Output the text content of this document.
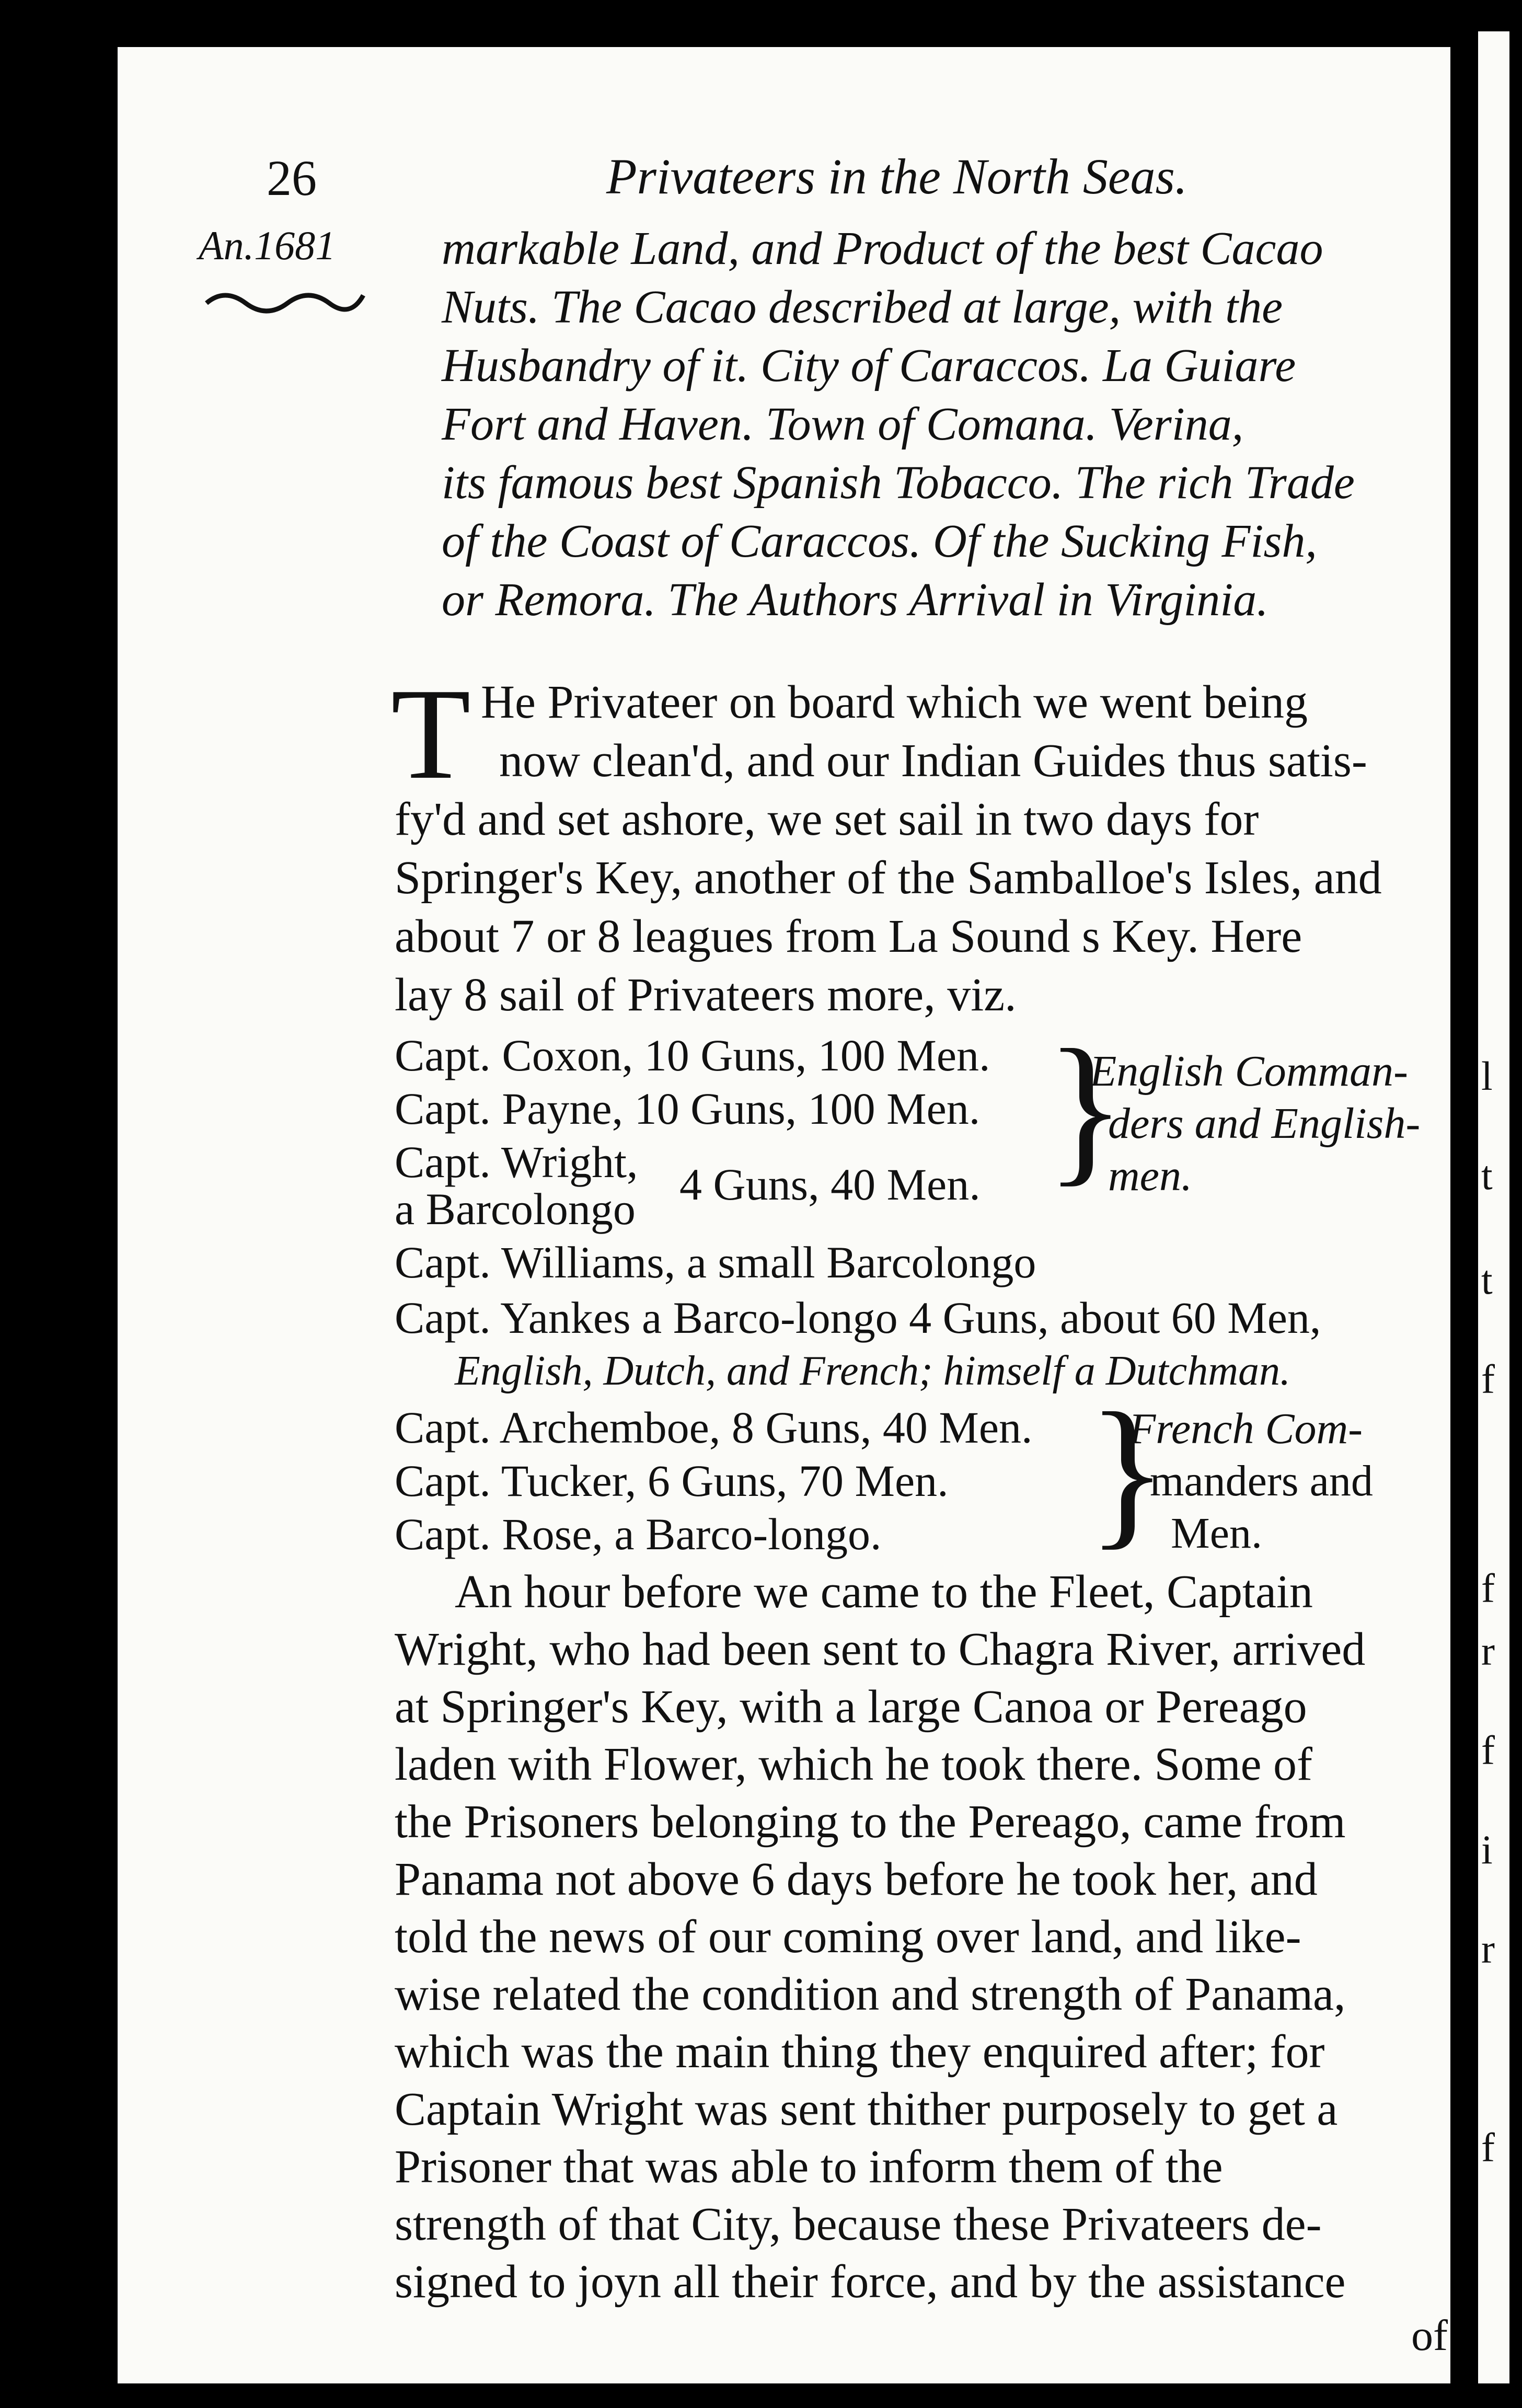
l
t
t
f
f
r
f
i
r
f
26	Privateers in the North Seas.
An.1681 markable Land, and Product of the best Cacao
Nuts. The Cacao described at large, with the
Husbandry of it. City of Caraccos. La Guiare
Fort and Haven. Town of Comana. Verina,
its famous best Spanish Tobacco. The rich Trade
of the Coast of Caraccos. Of the Sucking Fish,
or Remora. The Authors Arrival in Virginia.
T He Privateer on board which we went being
now clean'd, and our Indian Guides thus satis-
fy'd and set ashore, we set sail in two days for
Springer's Key, another of the Samballoe's Isles, and
about 7 or 8 leagues from La Sound s Key. Here
lay 8 sail of Privateers more, viz.
Capt. Coxon, 10 Guns, 100 Men.
Capt. Payne, 10 Guns, 100 Men.
Capt. Wright,
a Barcolongo 4 Guns, 40 Men.
Capt. Williams, a small Barcolongo
}
English Comman-
ders and English-
men.
Capt. Yankes a Barco-longo 4 Guns, about 60 Men,
English, Dutch, and French; himself a Dutchman.
Capt. Archemboe, 8 Guns, 40 Men.
Capt. Tucker, 6 Guns, 70 Men.
Capt. Rose, a Barco-longo. }
French Com-
manders and
Men.
An hour before we came to the Fleet, Captain
Wright, who had been sent to Chagra River, arrived
at Springer's Key, with a large Canoa or Pereago
laden with Flower, which he took there. Some of
the Prisoners belonging to the Pereago, came from
Panama not above 6 days before he took her, and
told the news of our coming over land, and like-
wise related the condition and strength of Panama,
which was the main thing they enquired after; for
Captain Wright was sent thither purposely to get a
Prisoner that was able to inform them of the
strength of that City, because these Privateers de-
signed to joyn all their force, and by the assistance
of
